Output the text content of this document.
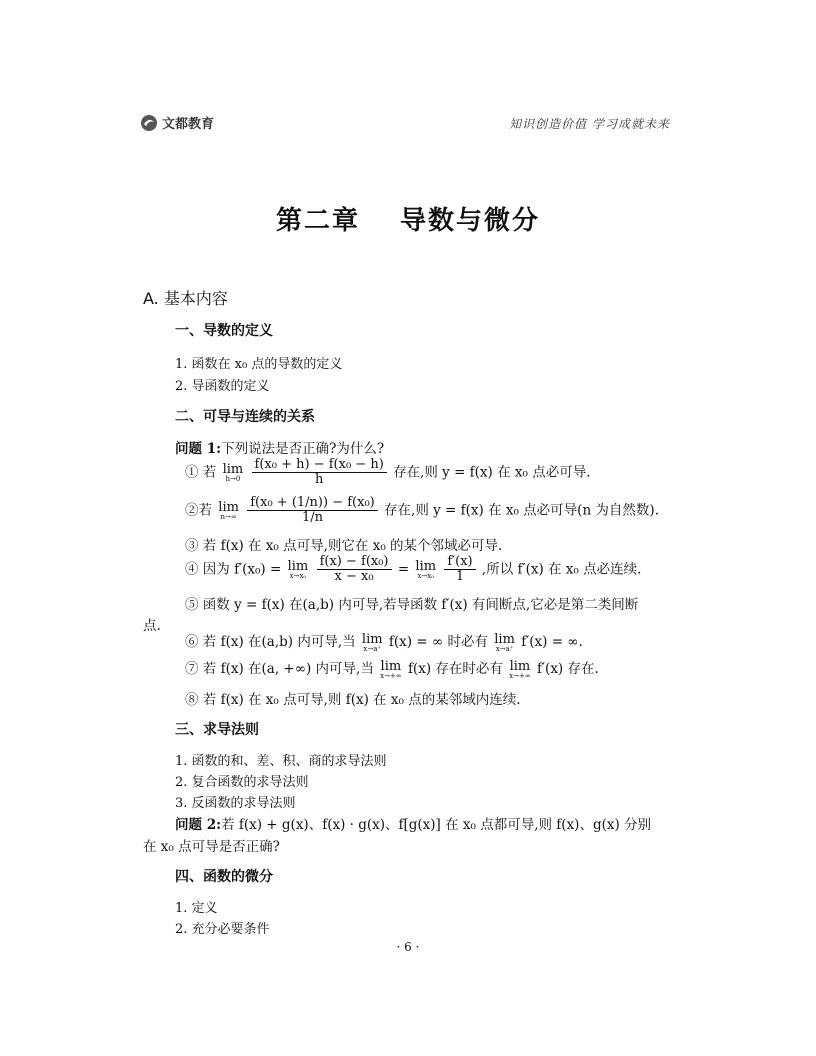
文都教育	知识创造价值 学习成就未来
第二章 导数与微分
A. 基本内容
一、导数的定义
1. 函数在 x₀ 点的导数的定义
2. 导函数的定义
二、可导与连续的关系
问题 1:下列说法是否正确?为什么?
① 若 lim
h→0
$\frac{\text{f(x₀ + h) − f(x₀ − h)}}{h}$ 存在,则 y = f(x) 在 x₀ 点必可导.
②若 lim
n→∞
$\frac{\text{f(x₀ + (1/n)) − f(x₀)}}{1/n}$ 存在,则 y = f(x) 在 x₀ 点必可导(n 为自然数).
③ 若 f(x) 在 x₀ 点可导,则它在 x₀ 的某个邻域必可导.
④ 因为 f′(x₀) = lim
x→x₀
$\frac{\text{f(x) − f(x₀)}}{\text{x − x₀}} = \lim$
x→x₀
$\frac{f'(x)}{1}$ ,所以 f′(x) 在 x₀ 点必连续.
⑤ 函数 y = f(x) 在(a,b) 内可导,若导函数 f′(x) 有间断点,它必是第二类间断
点.
⑥ 若 f(x) 在(a,b) 内可导,当 lim
x→a⁺ f(x) = ∞ 时必有 lim
x→a⁺ f′(x) = ∞.
⑦ 若 f(x) 在(a, +∞) 内可导,当 lim
x→+∞ f(x) 存在时必有 lim
x→+∞ f′(x) 存在.
⑧ 若 f(x) 在 x₀ 点可导,则 f(x) 在 x₀ 点的某邻域内连续.
三、求导法则
1. 函数的和、差、积、商的求导法则
2. 复合函数的求导法则
3. 反函数的求导法则
问题 2:若 f(x) + g(x)、f(x) · g(x)、f[g(x)] 在 x₀ 点都可导,则 f(x)、g(x) 分别
在 x₀ 点可导是否正确?
四、函数的微分
1. 定义
2. 充分必要条件
· 6 ·
